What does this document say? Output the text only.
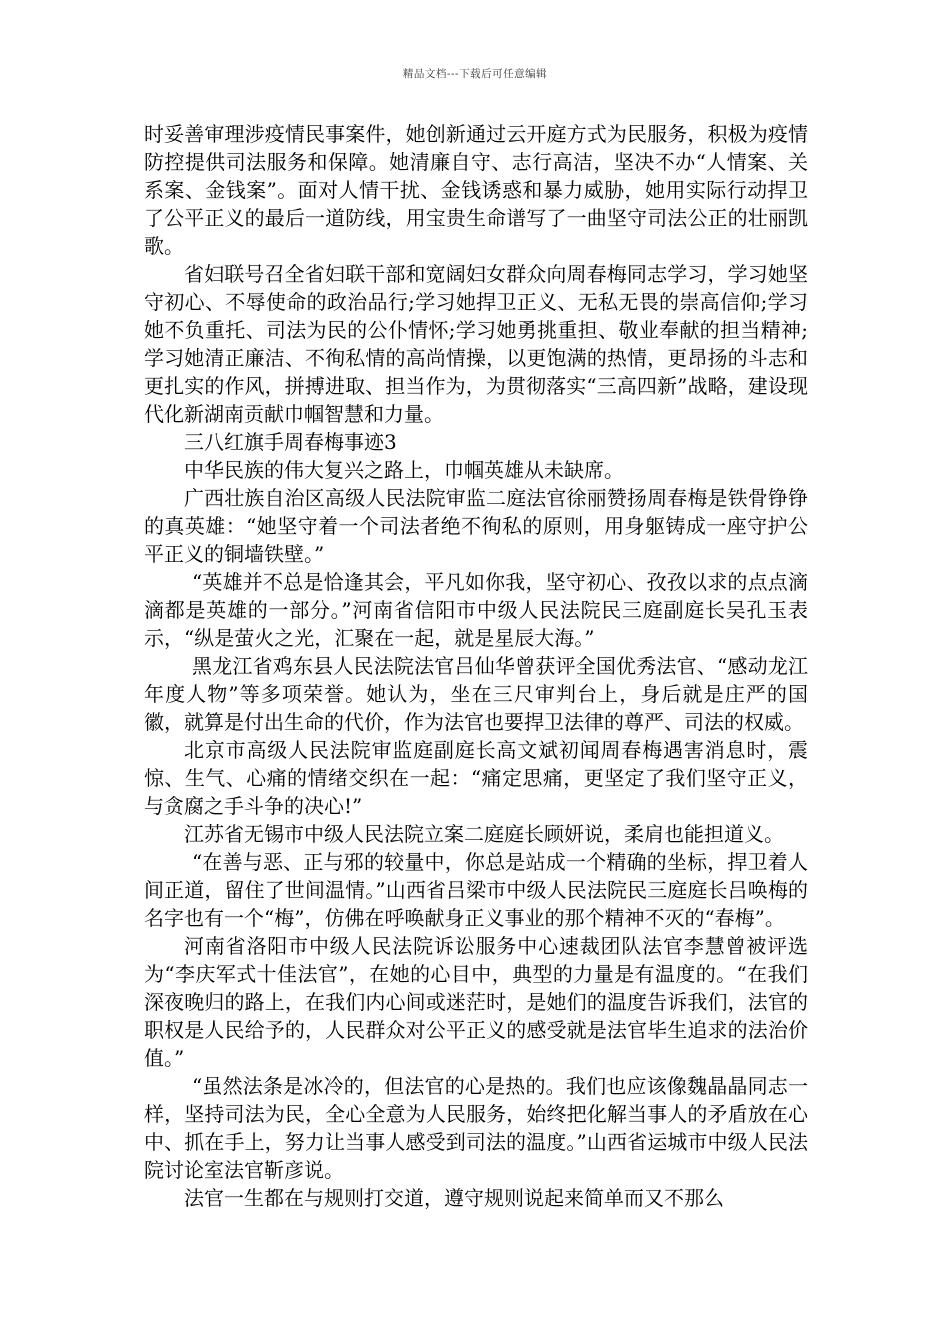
精品文档---下载后可任意编辑

时妥善审理涉疫情民事案件，她创新通过云开庭方式为民服务，积极为疫情防控提供司法服务和保障。她清廉自守、志行高洁，坚决不办“人情案、关系案、金钱案”。面对人情干扰、金钱诱惑和暴力威胁，她用实际行动捍卫了公平正义的最后一道防线，用宝贵生命谱写了一曲坚守司法公正的壮丽凯歌。

省妇联号召全省妇联干部和宽阔妇女群众向周春梅同志学习，学习她坚守初心、不辱使命的政治品行;学习她捍卫正义、无私无畏的崇高信仰;学习她不负重托、司法为民的公仆情怀;学习她勇挑重担、敬业奉献的担当精神;学习她清正廉洁、不徇私情的高尚情操，以更饱满的热情，更昂扬的斗志和更扎实的作风，拼搏进取、担当作为，为贯彻落实“三高四新”战略，建设现代化新湖南贡献巾帼智慧和力量。

三八红旗手周春梅事迹3

中华民族的伟大复兴之路上，巾帼英雄从未缺席。

广西壮族自治区高级人民法院审监二庭法官徐丽赞扬周春梅是铁骨铮铮的真英雄：“她坚守着一个司法者绝不徇私的原则，用身躯铸成一座守护公平正义的铜墙铁壁。”

“英雄并不总是恰逢其会，平凡如你我，坚守初心、孜孜以求的点点滴滴都是英雄的一部分。”河南省信阳市中级人民法院民三庭副庭长吴孔玉表示，“纵是萤火之光，汇聚在一起，就是星辰大海。”

黑龙江省鸡东县人民法院法官吕仙华曾获评全国优秀法官、“感动龙江年度人物”等多项荣誉。她认为，坐在三尺审判台上，身后就是庄严的国徽，就算是付出生命的代价，作为法官也要捍卫法律的尊严、司法的权威。

北京市高级人民法院审监庭副庭长高文斌初闻周春梅遇害消息时，震惊、生气、心痛的情绪交织在一起：“痛定思痛，更坚定了我们坚守正义，与贪腐之手斗争的决心!”

江苏省无锡市中级人民法院立案二庭庭长顾妍说，柔肩也能担道义。

“在善与恶、正与邪的较量中，你总是站成一个精确的坐标，捍卫着人间正道，留住了世间温情。”山西省吕梁市中级人民法院民三庭庭长吕唤梅的名字也有一个“梅”，仿佛在呼唤献身正义事业的那个精神不灭的“春梅”。

河南省洛阳市中级人民法院诉讼服务中心速裁团队法官李慧曾被评选为“李庆军式十佳法官”，在她的心目中，典型的力量是有温度的。“在我们深夜晚归的路上，在我们内心间或迷茫时，是她们的温度告诉我们，法官的职权是人民给予的，人民群众对公平正义的感受就是法官毕生追求的法治价值。”

“虽然法条是冰冷的，但法官的心是热的。我们也应该像魏晶晶同志一样，坚持司法为民，全心全意为人民服务，始终把化解当事人的矛盾放在心中、抓在手上，努力让当事人感受到司法的温度。”山西省运城市中级人民法院讨论室法官靳彦说。

法官一生都在与规则打交道，遵守规则说起来简单而又不那么
